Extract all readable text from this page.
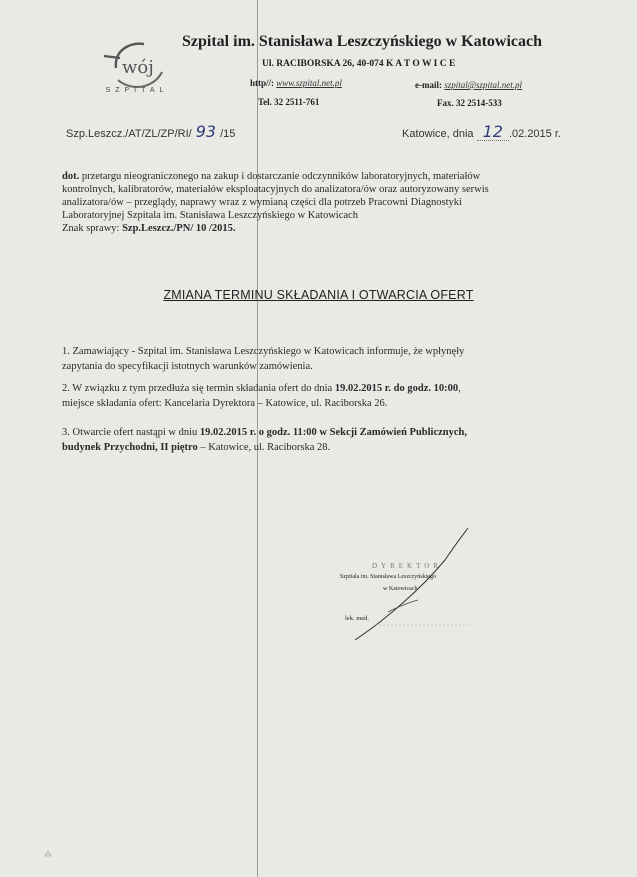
wój
SZPITAL
Szpital im. Stanisława Leszczyńskiego w Katowicach
Ul. RACIBORSKA 26, 40-074 K A T O W I C E
http//: www.szpital.net.pl	e-mail: szpital@szpital.net.pl
Tel. 32 2511-761	Fax. 32 2514-533
Szp.Leszcz./AT/ZL/ZP/RI/ 93 /15	Katowice, dnia 12 .02.2015 r.
dot. przetargu nieograniczonego na zakup i dostarczanie odczynników laboratoryjnych, materiałów
kontrolnych, kalibratorów, materiałów eksploatacyjnych do analizatora/ów oraz autoryzowany serwis
analizatora/ów – przeglądy, naprawy wraz z wymianą części dla potrzeb Pracowni Diagnostyki
Laboratoryjnej Szpitala im. Stanisława Leszczyńskiego w Katowicach
Znak sprawy: Szp.Leszcz./PN/ 10 /2015.
ZMIANA TERMINU SKŁADANIA I OTWARCIA OFERT
1. Zamawiający - Szpital im. Stanisława Leszczyńskiego w Katowicach informuje, że wpłynęły
zapytania do specyfikacji istotnych warunków zamówienia.
2. W związku z tym przedłuża się termin składania ofert do dnia 19.02.2015 r. do godz. 10:00,
miejsce składania ofert: Kancelaria Dyrektora – Katowice, ul. Raciborska 26.
3. Otwarcie ofert nastąpi w dniu 19.02.2015 r. o godz. 11:00 w Sekcji Zamówień Publicznych,
budynek Przychodni, II piętro – Katowice, ul. Raciborska 28.
DYREKTOR
Szpitala im. Stanisława Leszczyńskiego
w Katowicach
lek. med.
⁂
